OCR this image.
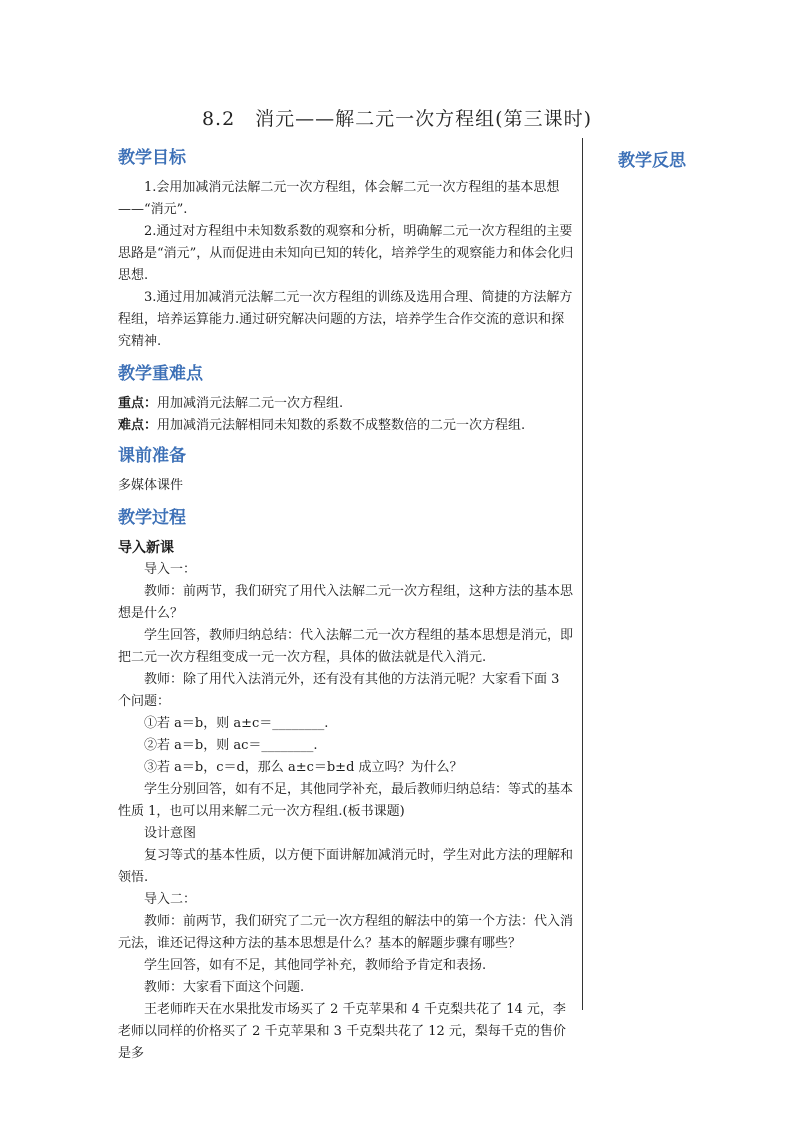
8.2　消元——解二元一次方程组(第三课时)
教学反思

教学目标

1.会用加减消元法解二元一次方程组，体会解二元一次方程组的基本思想——“消元”.

2.通过对方程组中未知数系数的观察和分析，明确解二元一次方程组的主要思路是“消元”，从而促进由未知向已知的转化，培养学生的观察能力和体会化归思想.

3.通过用加减消元法解二元一次方程组的训练及选用合理、简捷的方法解方程组，培养运算能力.通过研究解决问题的方法，培养学生合作交流的意识和探究精神.

教学重难点

重点：用加减消元法解二元一次方程组.

难点：用加减消元法解相同未知数的系数不成整数倍的二元一次方程组.

课前准备

多媒体课件

教学过程

导入新课

导入一：

教师：前两节，我们研究了用代入法解二元一次方程组，这种方法的基本思想是什么？

学生回答，教师归纳总结：代入法解二元一次方程组的基本思想是消元，即把二元一次方程组变成一元一次方程，具体的做法就是代入消元.

教师：除了用代入法消元外，还有没有其他的方法消元呢？大家看下面 3 个问题：

①若 a＝b，则 a±c＝________.

②若 a＝b，则 ac＝________.

③若 a＝b，c＝d，那么 a±c＝b±d 成立吗？为什么？

学生分别回答，如有不足，其他同学补充，最后教师归纳总结：等式的基本性质 1，也可以用来解二元一次方程组.(板书课题)

设计意图

复习等式的基本性质，以方便下面讲解加减消元时，学生对此方法的理解和领悟.

导入二：

教师：前两节，我们研究了二元一次方程组的解法中的第一个方法：代入消元法，谁还记得这种方法的基本思想是什么？基本的解题步骤有哪些？

学生回答，如有不足，其他同学补充，教师给予肯定和表扬.

教师：大家看下面这个问题.

王老师昨天在水果批发市场买了 2 千克苹果和 4 千克梨共花了 14 元，李老师以同样的价格买了 2 千克苹果和 3 千克梨共花了 12 元，梨每千克的售价是多
